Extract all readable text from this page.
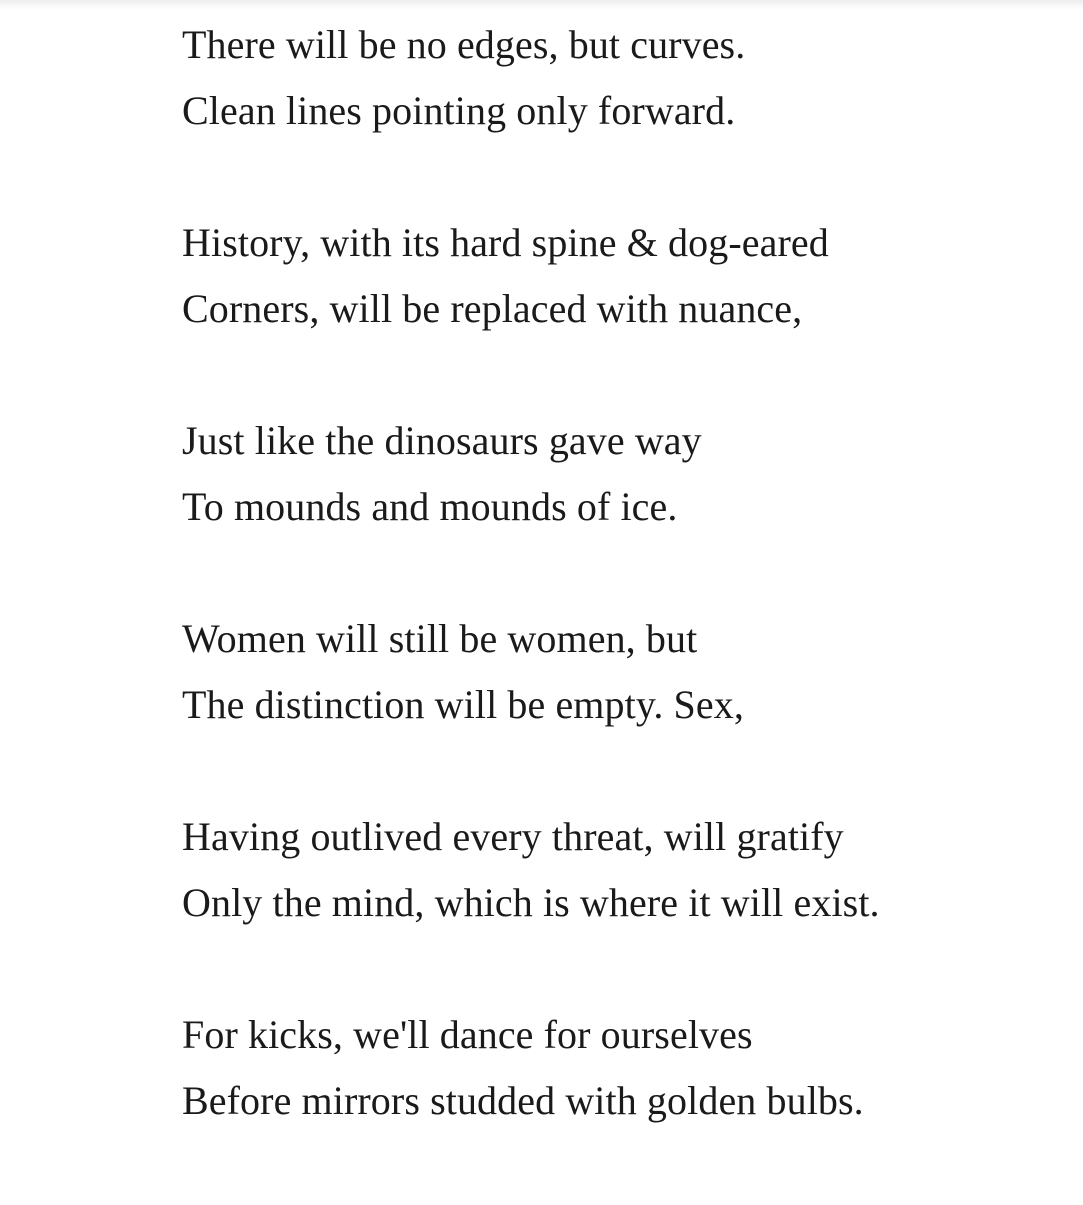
There will be no edges, but curves.
Clean lines pointing only forward.
History, with its hard spine & dog-eared
Corners, will be replaced with nuance,
Just like the dinosaurs gave way
To mounds and mounds of ice.
Women will still be women, but
The distinction will be empty. Sex,
Having outlived every threat, will gratify
Only the mind, which is where it will exist.
For kicks, we'll dance for ourselves
Before mirrors studded with golden bulbs.
